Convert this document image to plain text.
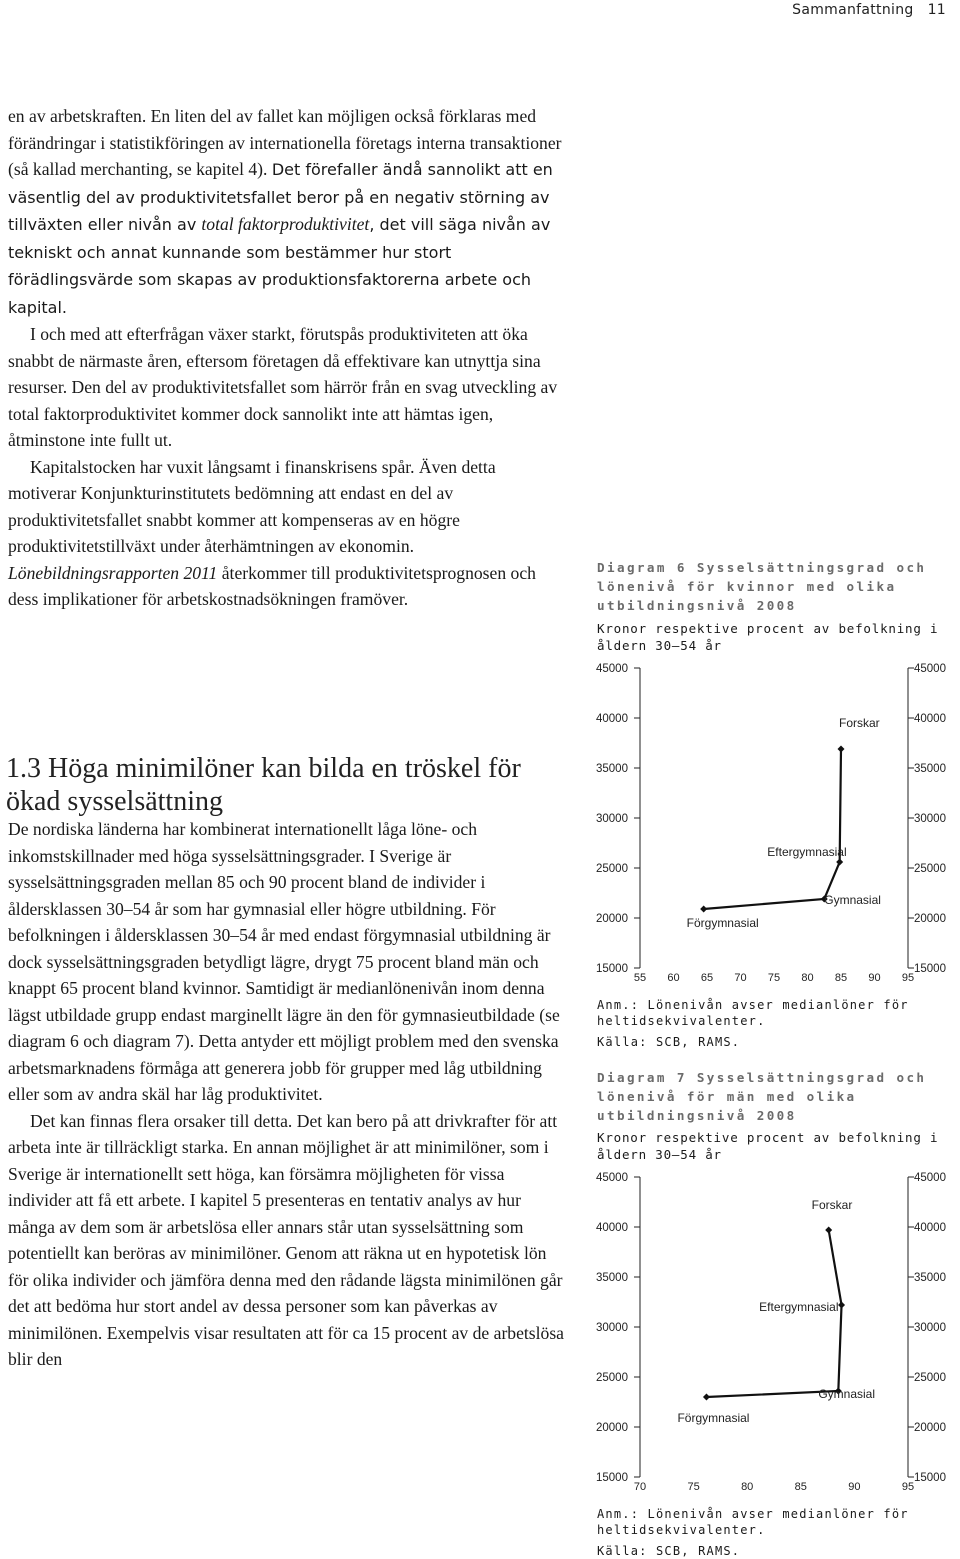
Sammanfattning 11

en av arbetskraften. En liten del av fallet kan möjligen också förklaras med förändringar i statistikföringen av internationella företags interna transaktioner (så kallad merchanting, se kapitel 4). Det förefaller ändå sannolikt att en väsentlig del av produktivitetsfallet beror på en negativ störning av tillväxten eller nivån av total faktorproduktivitet, det vill säga nivån av tekniskt och annat kunnande som bestämmer hur stort förädlingsvärde som skapas av produktionsfaktorerna arbete och kapital.

I och med att efterfrågan växer starkt, förutspås produktiviteten att öka snabbt de närmaste åren, eftersom företagen då effektivare kan utnyttja sina resurser. Den del av produktivitetsfallet som härrör från en svag utveckling av total faktorproduktivitet kommer dock sannolikt inte att hämtas igen, åtminstone inte fullt ut.

Kapitalstocken har vuxit långsamt i finanskrisens spår. Även detta motiverar Konjunkturinstitutets bedömning att endast en del av produktivitetsfallet snabbt kommer att kompenseras av en högre produktivitetstillväxt under återhämtningen av ekonomin. Lönebildningsrapporten 2011 återkommer till produktivitetsprognosen och dess implikationer för arbetskostnadsökningen framöver.

1.3 Höga minimilöner kan bilda en tröskel för ökad sysselsättning

De nordiska länderna har kombinerat internationellt låga löne- och inkomstskillnader med höga sysselsättningsgrader. I Sverige är sysselsättningsgraden mellan 85 och 90 procent bland de individer i åldersklassen 30–54 år som har gymnasial eller högre utbildning. För befolkningen i åldersklassen 30–54 år med endast förgymnasial utbildning är dock sysselsättningsgraden betydligt lägre, drygt 75 procent bland män och knappt 65 procent bland kvinnor. Samtidigt är medianlönenivån inom denna lägst utbildade grupp endast marginellt lägre än den för gymnasieutbildade (se diagram 6 och diagram 7). Detta antyder ett möjligt problem med den svenska arbetsmarknadens förmåga att generera jobb för grupper med låg utbildning eller som av andra skäl har låg produktivitet.

Det kan finnas flera orsaker till detta. Det kan bero på att drivkrafter för att arbeta inte är tillräckligt starka. En annan möjlighet är att minimilöner, som i Sverige är internationellt sett höga, kan försämra möjligheten för vissa individer att få ett arbete. I kapitel 5 presenteras en tentativ analys av hur många av dem som är arbetslösa eller annars står utan sysselsättning som potentiellt kan beröras av minimilöner. Genom att räkna ut en hypotetisk lön för olika individer och jämföra denna med den rådande lägsta minimilönen går det att bedöma hur stort andel av dessa personer som kan påverkas av minimilönen. Exempelvis visar resultaten att för ca 15 procent av de arbetslösa blir den

Diagram 6 Sysselsättningsgrad och lönenivå för kvinnor med olika utbildningsnivå 2008
Kronor respektive procent av befolkning i åldern 30–54 år
15000	15000
20000	20000
25000	25000
30000	30000
35000	35000
40000	40000
45000	45000
55 60 65 70 75 80 85 90 95
Förgymnasial
Gymnasial
Eftergymnasial
Forskar
Anm.: Lönenivån avser medianlöner för heltidsekvivalenter.
Källa: SCB, RAMS.
Diagram 7 Sysselsättningsgrad och lönenivå för män med olika utbildningsnivå 2008
Kronor respektive procent av befolkning i åldern 30–54 år
15000	15000
20000	20000
25000	25000
30000	30000
35000	35000
40000	40000
45000	45000
70	75	80	85	90	95
Förgymnasial
Gymnasial
Eftergymnasial
Forskar
Anm.: Lönenivån avser medianlöner för heltidsekvivalenter.
Källa: SCB, RAMS.
